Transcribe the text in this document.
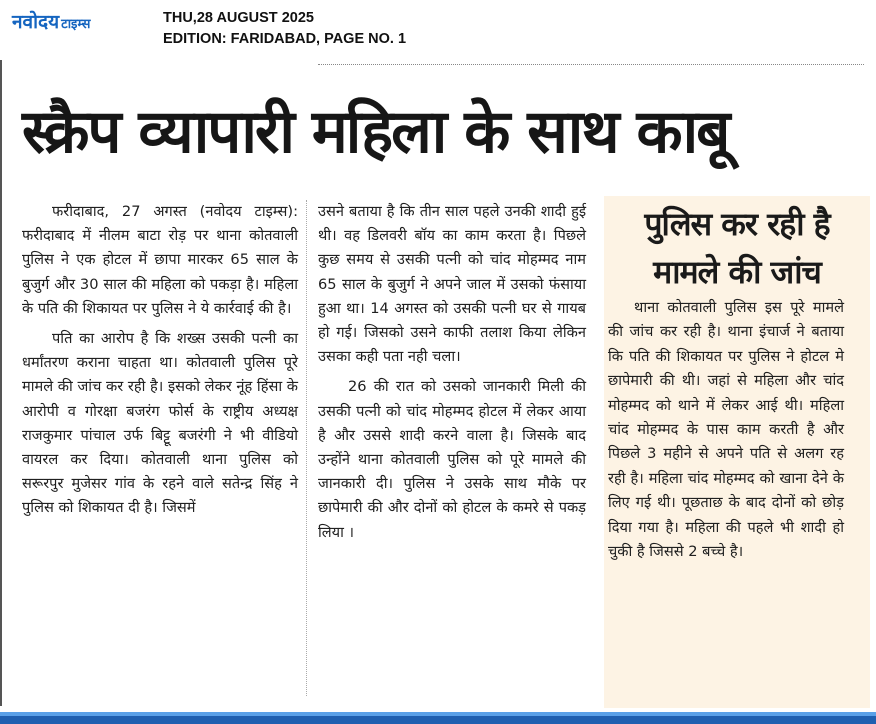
नवोदय टाइम्स	THU,28 AUGUST 2025
EDITION: FARIDABAD, PAGE NO. 1
स्क्रैप व्यापारी महिला के साथ काबू

फरीदाबाद, 27 अगस्त (नवोदय टाइम्स): फरीदाबाद में नीलम बाटा रोड़ पर थाना कोतवाली पुलिस ने एक होटल में छापा मारकर 65 साल के बुजुर्ग और 30 साल की महिला को पकड़ा है। महिला के पति की शिकायत पर पुलिस ने ये कार्रवाई की है।

पति का आरोप है कि शख्स उसकी पत्नी का धर्मांतरण कराना चाहता था। कोतवाली पुलिस पूरे मामले की जांच कर रही है। इसको लेकर नूंह हिंसा के आरोपी व गोरक्षा बजरंग फोर्स के राष्ट्रीय अध्यक्ष राजकुमार पांचाल उर्फ बिट्टू बजरंगी ने भी वीडियो वायरल कर दिया। कोतवाली थाना पुलिस को सरूरपुर मुजेसर गांव के रहने वाले सतेन्द्र सिंह ने पुलिस को शिकायत दी है। जिसमें

उसने बताया है कि तीन साल पहले उनकी शादी हुई थी। वह डिलवरी बॉय का काम करता है। पिछले कुछ समय से उसकी पत्नी को चांद मोहम्मद नाम 65 साल के बुजुर्ग ने अपने जाल में उसको फंसाया हुआ था। 14 अगस्त को उसकी पत्नी घर से गायब हो गई। जिसको उसने काफी तलाश किया लेकिन उसका कही पता नही चला।

26 की रात को उसको जानकारी मिली की उसकी पत्नी को चांद मोहम्मद होटल में लेकर आया है और उससे शादी करने वाला है। जिसके बाद उन्होंने थाना कोतवाली पुलिस को पूरे मामले की जानकारी दी। पुलिस ने उसके साथ मौके पर छापेमारी की और दोनों को होटल के कमरे से पकड़ लिया ।

पुलिस कर रही है
मामले की जांच

थाना कोतवाली पुलिस इस पूरे मामले की जांच कर रही है। थाना इंचार्ज ने बताया कि पति की शिकायत पर पुलिस ने होटल मे छापेमारी की थी। जहां से महिला और चांद मोहम्मद को थाने में लेकर आई थी। महिला चांद मोहम्मद के पास काम करती है और पिछले 3 महीने से अपने पति से अलग रह रही है। महिला चांद मोहम्मद को खाना देने के लिए गई थी। पूछताछ के बाद दोनों को छोड़ दिया गया है। महिला की पहले भी शादी हो चुकी है जिससे 2 बच्चे है।
